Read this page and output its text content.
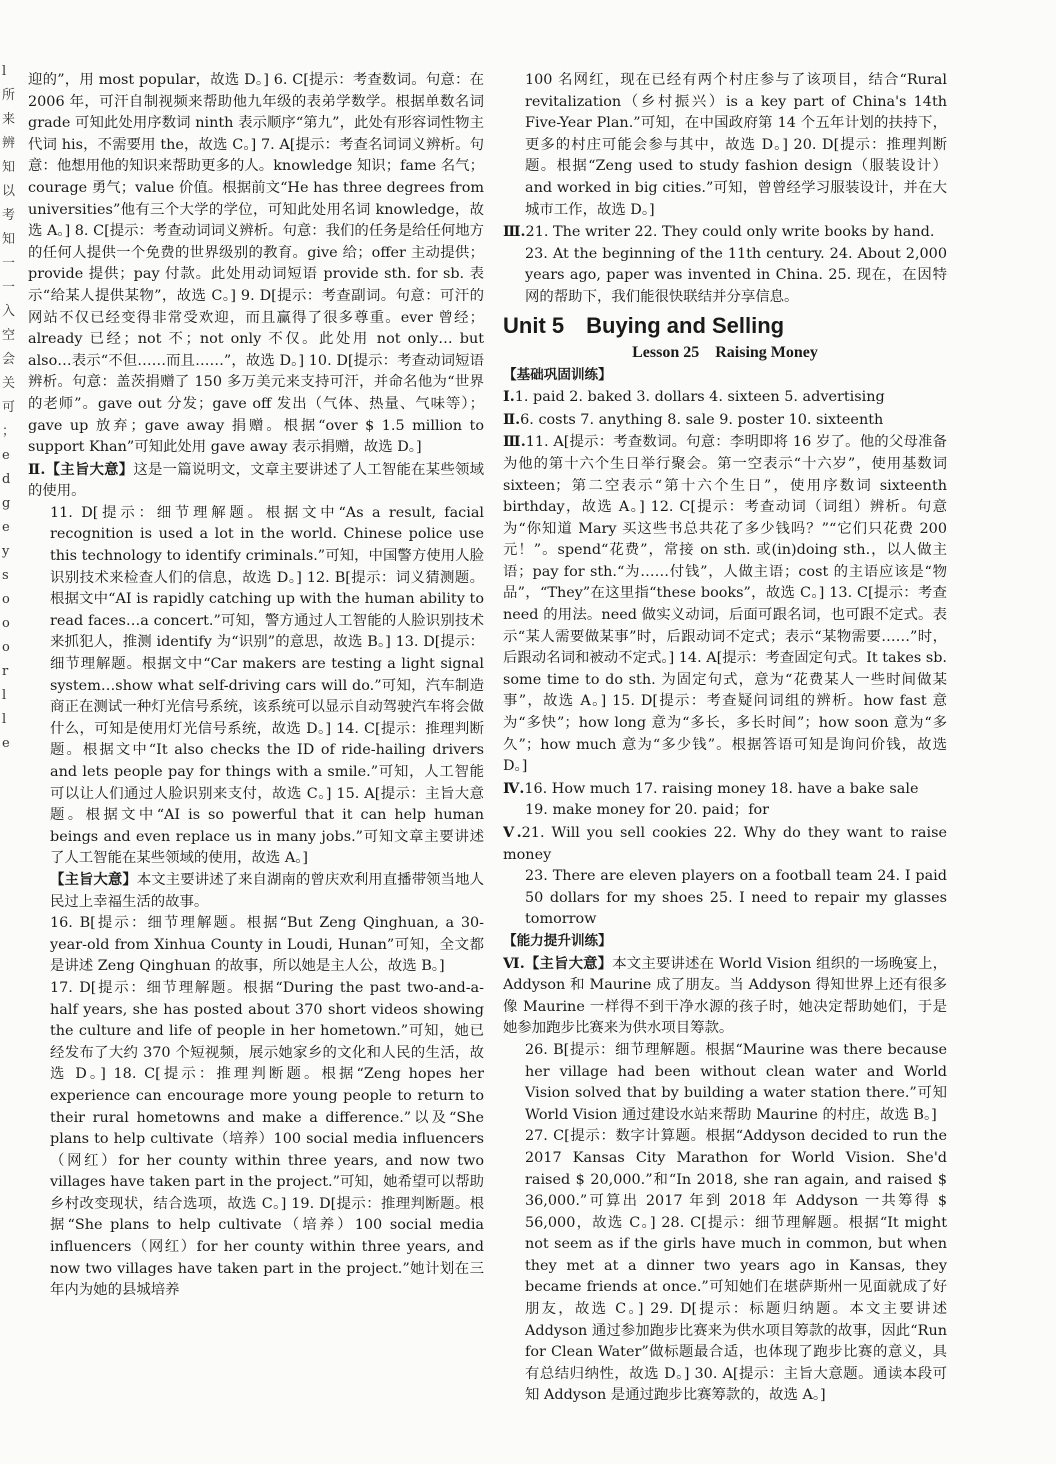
l
所
来
辨
知
以
考
知
一
一
入
空
会
关
可
；
e
d
g
e
y
s
o
o
o
r
l
l
e

迎的”，用 most popular，故选 D。] 6. C[提示：考查数词。句意：在 2006 年，可汗自制视频来帮助他九年级的表弟学数学。根据单数名词 grade 可知此处用序数词 ninth 表示顺序“第九”，此处有形容词性物主代词 his，不需要用 the，故选 C。] 7. A[提示：考查名词词义辨析。句意：他想用他的知识来帮助更多的人。knowledge 知识；fame 名气；courage 勇气；value 价值。根据前文“He has three degrees from universities”他有三个大学的学位，可知此处用名词 knowledge，故选 A。] 8. C[提示：考查动词词义辨析。句意：我们的任务是给任何地方的任何人提供一个免费的世界级别的教育。give 给；offer 主动提供；provide 提供；pay 付款。此处用动词短语 provide sth. for sb. 表示“给某人提供某物”，故选 C。] 9. D[提示：考查副词。句意：可汗的网站不仅已经变得非常受欢迎，而且赢得了很多尊重。ever 曾经；already 已经；not 不；not only 不仅。此处用 not only… but also…表示“不但……而且……”，故选 D。] 10. D[提示：考查动词短语辨析。句意：盖茨捐赠了 150 多万美元来支持可汗，并命名他为“世界的老师”。gave out 分发；gave off 发出（气体、热量、气味等）；gave up 放弃；gave away 捐赠。根据“over $ 1.5 million to support Khan”可知此处用 gave away 表示捐赠，故选 D。]

Ⅱ.【主旨大意】这是一篇说明文，文章主要讲述了人工智能在某些领域的使用。

11. D[提示：细节理解题。根据文中“As a result, facial recognition is used a lot in the world. Chinese police use this technology to identify criminals.”可知，中国警方使用人脸识别技术来检查人们的信息，故选 D。] 12. B[提示：词义猜测题。根据文中“AI is rapidly catching up with the human ability to read faces…a concert.”可知，警方通过人工智能的人脸识别技术来抓犯人，推测 identify 为“识别”的意思，故选 B。] 13. D[提示：细节理解题。根据文中“Car makers are testing a light signal system…show what self-driving cars will do.”可知，汽车制造商正在测试一种灯光信号系统，该系统可以显示自动驾驶汽车将会做什么，可知是使用灯光信号系统，故选 D。] 14. C[提示：推理判断题。根据文中“It also checks the ID of ride-hailing drivers and lets people pay for things with a smile.”可知，人工智能可以让人们通过人脸识别来支付，故选 C。] 15. A[提示：主旨大意题。根据文中“AI is so powerful that it can help human beings and even replace us in many jobs.”可知文章主要讲述了人工智能在某些领域的使用，故选 A。]

【主旨大意】本文主要讲述了来自湖南的曾庆欢利用直播带领当地人民过上幸福生活的故事。

16. B[提示：细节理解题。根据“But Zeng Qinghuan, a 30-year-old from Xinhua County in Loudi, Hunan”可知，全文都是讲述 Zeng Qinghuan 的故事，所以她是主人公，故选 B。]

17. D[提示：细节理解题。根据“During the past two-and-a-half years, she has posted about 370 short videos showing the culture and life of people in her hometown.”可知，她已经发布了大约 370 个短视频，展示她家乡的文化和人民的生活，故选 D。] 18. C[提示：推理判断题。根据“Zeng hopes her experience can encourage more young people to return to their rural hometowns and make a difference.”以及“She plans to help cultivate（培养）100 social media influencers（网红）for her county within three years, and now two villages have taken part in the project.”可知，她希望可以帮助乡村改变现状，结合选项，故选 C。] 19. D[提示：推理判断题。根据“She plans to help cultivate（培养）100 social media influencers（网红）for her county within three years, and now two villages have taken part in the project.”她计划在三年内为她的县城培养

100 名网红，现在已经有两个村庄参与了该项目，结合“Rural revitalization（乡村振兴）is a key part of China's 14th Five-Year Plan.”可知，在中国政府第 14 个五年计划的扶持下，更多的村庄可能会参与其中，故选 D。] 20. D[提示：推理判断题。根据“Zeng used to study fashion design（服装设计）and worked in big cities.”可知，曾曾经学习服装设计，并在大城市工作，故选 D。]

Ⅲ.21. The writer 22. They could only write books by hand.

23. At the beginning of the 11th century. 24. About 2,000 years ago, paper was invented in China. 25. 现在，在因特网的帮助下，我们能很快联结并分享信息。

Unit 5　Buying and Selling

Lesson 25　Raising Money

【基础巩固训练】

Ⅰ.1. paid 2. baked 3. dollars 4. sixteen 5. advertising

Ⅱ.6. costs 7. anything 8. sale 9. poster 10. sixteenth

Ⅲ.11. A[提示：考查数词。句意：李明即将 16 岁了。他的父母准备为他的第十六个生日举行聚会。第一空表示“十六岁”，使用基数词 sixteen；第二空表示“第十六个生日”，使用序数词 sixteenth birthday，故选 A。] 12. C[提示：考查动词（词组）辨析。句意为“你知道 Mary 买这些书总共花了多少钱吗？”“它们只花费 200 元！”。spend“花费”，常接 on sth. 或(in)doing sth.，以人做主语；pay for sth.“为……付钱”，人做主语；cost 的主语应该是“物品”，“They”在这里指“these books”，故选 C。] 13. C[提示：考查 need 的用法。need 做实义动词，后面可跟名词，也可跟不定式。表示“某人需要做某事”时，后跟动词不定式；表示“某物需要……”时，后跟动名词和被动不定式。] 14. A[提示：考查固定句式。It takes sb. some time to do sth. 为固定句式，意为“花费某人一些时间做某事”，故选 A。] 15. D[提示：考查疑问词组的辨析。how fast 意为“多快”；how long 意为“多长，多长时间”；how soon 意为“多久”；how much 意为“多少钱”。根据答语可知是询问价钱，故选 D。]

Ⅳ.16. How much 17. raising money 18. have a bake sale

19. make money for 20. paid；for

Ⅴ.21. Will you sell cookies 22. Why do they want to raise money

23. There are eleven players on a football team 24. I paid 50 dollars for my shoes 25. I need to repair my glasses tomorrow

【能力提升训练】

Ⅵ.【主旨大意】本文主要讲述在 World Vision 组织的一场晚宴上，Addyson 和 Maurine 成了朋友。当 Addyson 得知世界上还有很多像 Maurine 一样得不到干净水源的孩子时，她决定帮助她们，于是她参加跑步比赛来为供水项目筹款。

26. B[提示：细节理解题。根据“Maurine was there because her village had been without clean water and World Vision solved that by building a water station there.”可知 World Vision 通过建设水站来帮助 Maurine 的村庄，故选 B。]

27. C[提示：数字计算题。根据“Addyson decided to run the 2017 Kansas City Marathon for World Vision. She'd raised $ 20,000.”和“In 2018, she ran again, and raised $ 36,000.”可算出 2017 年到 2018 年 Addyson 一共筹得 $ 56,000，故选 C。] 28. C[提示：细节理解题。根据“It might not seem as if the girls have much in common, but when they met at a dinner two years ago in Kansas, they became friends at once.”可知她们在堪萨斯州一见面就成了好朋友，故选 C。] 29. D[提示：标题归纳题。本文主要讲述 Addyson 通过参加跑步比赛来为供水项目筹款的故事，因此“Run for Clean Water”做标题最合适，也体现了跑步比赛的意义，具有总结归纳性，故选 D。] 30. A[提示：主旨大意题。通读本段可知 Addyson 是通过跑步比赛筹款的，故选 A。]
